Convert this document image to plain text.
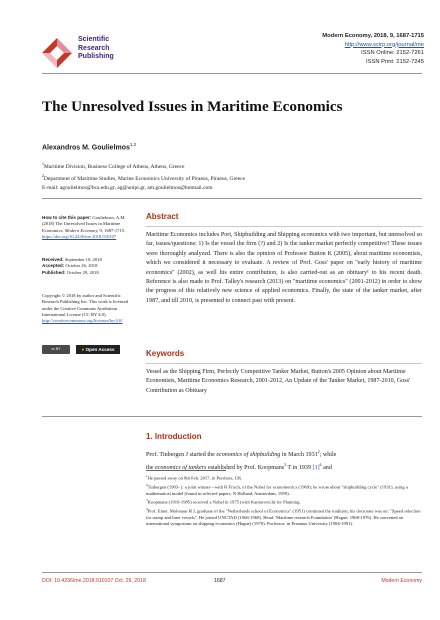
Scientific
Research
Publishing
Modern Economy, 2018, 9, 1687-1715
http://www.scirp.org/journal/me
ISSN Online: 2152-7261
ISSN Print: 2152-7245
The Unresolved Issues in Maritime Economics
Alexandros M. Goulielmos$^{1,2}$
$^1$Maritime Division, Business College of Athens, Athens, Greece
$^2$Department of Maritime Studies, Marine Economics University of Piraeus, Piraeus, Greece
E-mail: agoulielmos@bca.edu.gr, ag@unipi.gr, am.goulielmos@hotmail.com
How to cite this paper: Goulielmos, A.M. (2018) The Unresolved Issues in Maritime Economics. Modern Economy, 9, 1687-1715. https://doi.org/10.4236/me.2018.910107
Received: September 10, 2018
Accepted: October 26, 2018
Published: October 29, 2018
Copyright © 2018 by author and Scientific Research Publishing Inc. This work is licensed under the Creative Commons Attribution International License (CC BY 4.0). http://creativecommons.org/licenses/by/4.0/
cc BY	● Open Access
Abstract
Maritime Economics includes Port, Shipbuilding and Shipping economics with two important, but unresolved so far, issues/questions: 1) Is the vessel the firm (?) and 2) Is the tanker market perfectly competitive? These issues were thoroughly analyzed. There is also the opinion of Professor Button K (2005), about maritime economists, which we considered it necessary to evaluate. A review of Prof. Goss' paper on "early history of maritime economics" (2002), as well his entire contribution, is also carried-out as an obituary¹ to his recent death. Reference is also made to Prof. Talley's research (2013) on "maritime economics" (2001-2012) in order to show the progress of this relatively new science of applied economics. Finally, the state of the tanker market, after 1987, and till 2010, is presented to connect past with present.
Keywords
Vessel as the Shipping Firm, Perfectly Competitive Tanker Market, Button's 2005 Opinion about Maritime Economists, Maritime Economics Research, 2001-2012, An Update of the Tanker Market, 1987-2010, Goss' Contribution as Obituary
1. Introduction
Prof. Tinbergen J started the economics of shipbuilding in March 1931$^2$; while
the economics of tankers established by Prof. Koopmans$^3$ T in 1939 $[1]^4$ and

$^1$He passed away on 8th Feb. 2017, in Pershore, UK.

$^2$Tinbergen (1903- ): a joint winner—with R Frisch, of the Nobel for econometrics (1969); he wrote about "shipbuilding cycle" (1931), using a mathematical model (found in selected papers, N Holland, Amsterdam, 1959).

$^3$Koopmans (1910-1985) received a Nobel in 1975 (with Kantorovich) for Planning.

$^4$Prof. Emer. Molenaar H J, graduate of the "Netherlands school of Economics" (1951) continued the tradition; his doctorate was on: "Speed selection for tramp and liner vessels". He joined UNCTAD (1966-1968). Head: 'Maritime research Foundation' (Hague; 1968-1976). He convened an international symposium on shipping economics (Hague) (1970). Professor: in Erasmus University (1984-1991).

DOI: 10.4236/me.2018.910107 Oct. 29, 2018	1687	Modern Economy
